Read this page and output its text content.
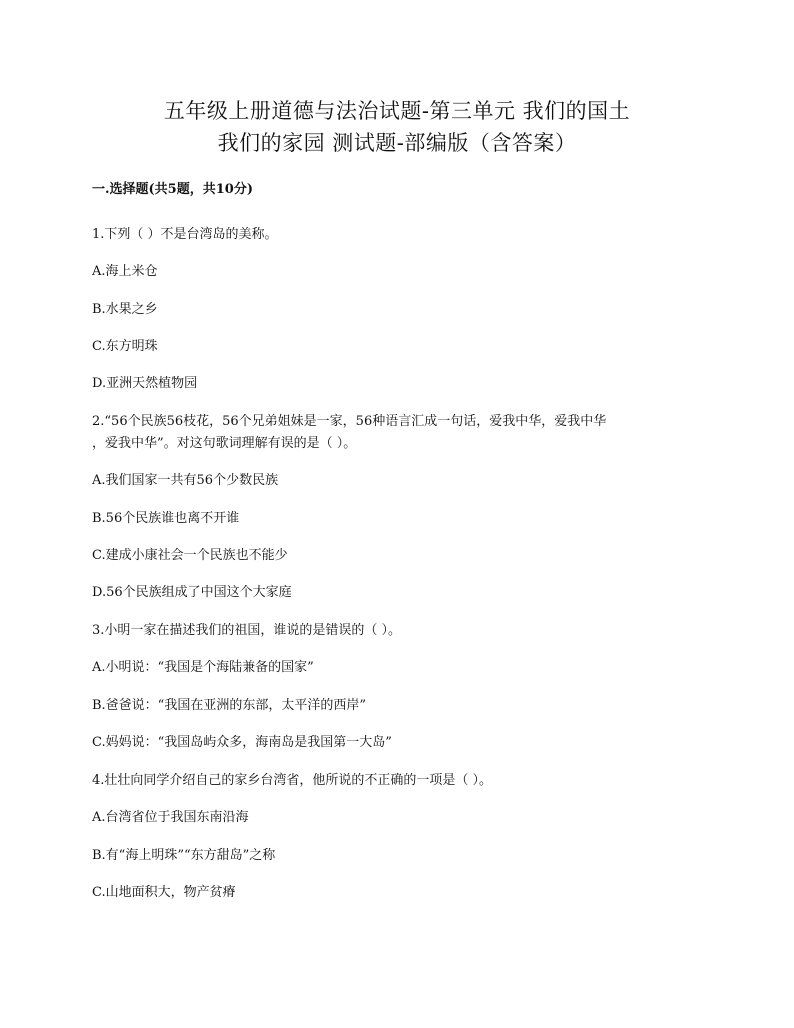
五年级上册道德与法治试题-第三单元 我们的国土
我们的家园 测试题-部编版（含答案）
一.选择题(共5题，共10分)
1.下列（ ）不是台湾岛的美称。
A.海上米仓
B.水果之乡
C.东方明珠
D.亚洲天然植物园
2.“56个民族56枝花，56个兄弟姐妹是一家，56种语言汇成一句话，爱我中华，爱我中华
，爱我中华”。对这句歌词理解有误的是（ ）。
A.我们国家一共有56个少数民族
B.56个民族谁也离不开谁
C.建成小康社会一个民族也不能少
D.56个民族组成了中国这个大家庭
3.小明一家在描述我们的祖国，谁说的是错误的（ ）。
A.小明说：“我国是个海陆兼备的国家”
B.爸爸说：“我国在亚洲的东部，太平洋的西岸”
C.妈妈说：“我国岛屿众多，海南岛是我国第一大岛”
4.壮壮向同学介绍自己的家乡台湾省，他所说的不正确的一项是（ ）。
A.台湾省位于我国东南沿海
B.有“海上明珠”“东方甜岛”之称
C.山地面积大，物产贫瘠
